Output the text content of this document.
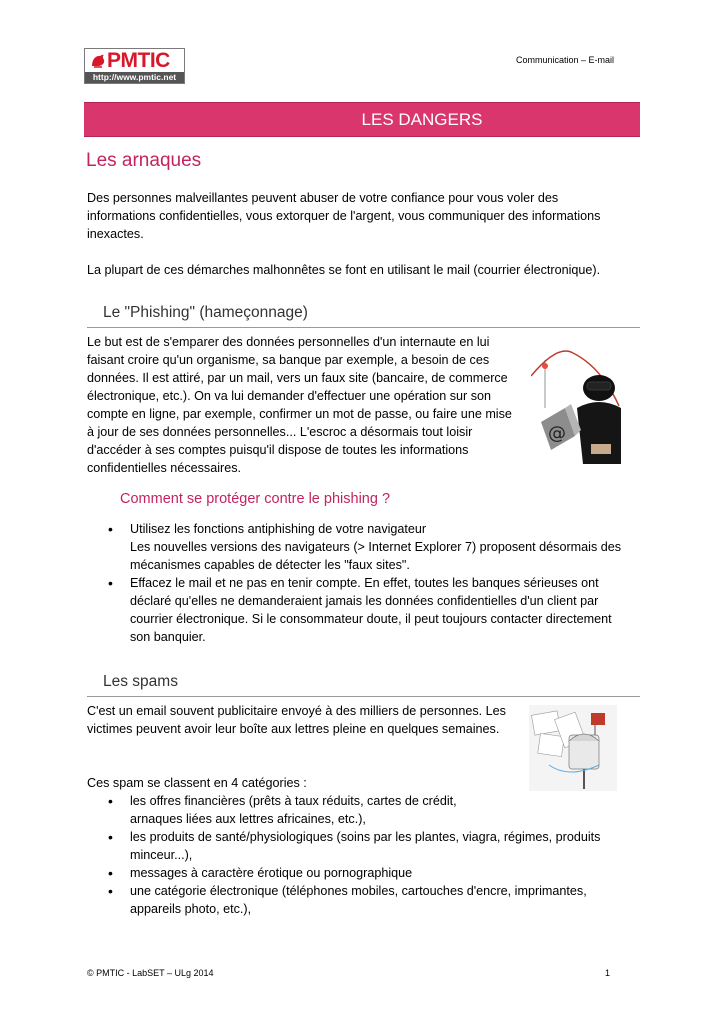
PMTIC
http://www.pmtic.net
Communication – E-mail
LES DANGERS
Les arnaques
Des personnes malveillantes peuvent abuser de votre confiance pour vous voler des informations confidentielles, vous extorquer de l'argent, vous communiquer des informations inexactes.
La plupart de ces démarches malhonnêtes se font en utilisant le mail (courrier électronique).
Le "Phishing" (hameçonnage)
Le but est de s'emparer des données personnelles d'un internaute en lui faisant croire qu'un organisme, sa banque par exemple, a besoin de ces données. Il est attiré, par un mail, vers un faux site (bancaire, de commerce électronique, etc.). On va lui demander d'effectuer une opération sur son compte en ligne, par exemple, confirmer un mot de passe, ou faire une mise à jour de ses données personnelles... L'escroc a désormais tout loisir d'accéder à ses comptes puisqu'il dispose de toutes les informations confidentielles nécessaires.
@
Comment se protéger contre le phishing ?
• Utilisez les fonctions antiphishing de votre navigateur
Les nouvelles versions des navigateurs (> Internet Explorer 7) proposent désormais des mécanismes capables de détecter les "faux sites".
• Effacez le mail et ne pas en tenir compte. En effet, toutes les banques sérieuses ont déclaré qu'elles ne demanderaient jamais les données confidentielles d'un client par courrier électronique. Si le consommateur doute, il peut toujours contacter directement son banquier.
Les spams
C'est un email souvent publicitaire envoyé à des milliers de personnes. Les victimes peuvent avoir leur boîte aux lettres pleine en quelques semaines.
Ces spam se classent en 4 catégories :
• les offres financières (prêts à taux réduits, cartes de crédit, arnaques liées aux lettres africaines, etc.),
• les produits de santé/physiologiques (soins par les plantes, viagra, régimes, produits minceur...),
• messages à caractère érotique ou pornographique
• une catégorie électronique (téléphones mobiles, cartouches d'encre, imprimantes, appareils photo, etc.),
© PMTIC - LabSET – ULg 2014	1
